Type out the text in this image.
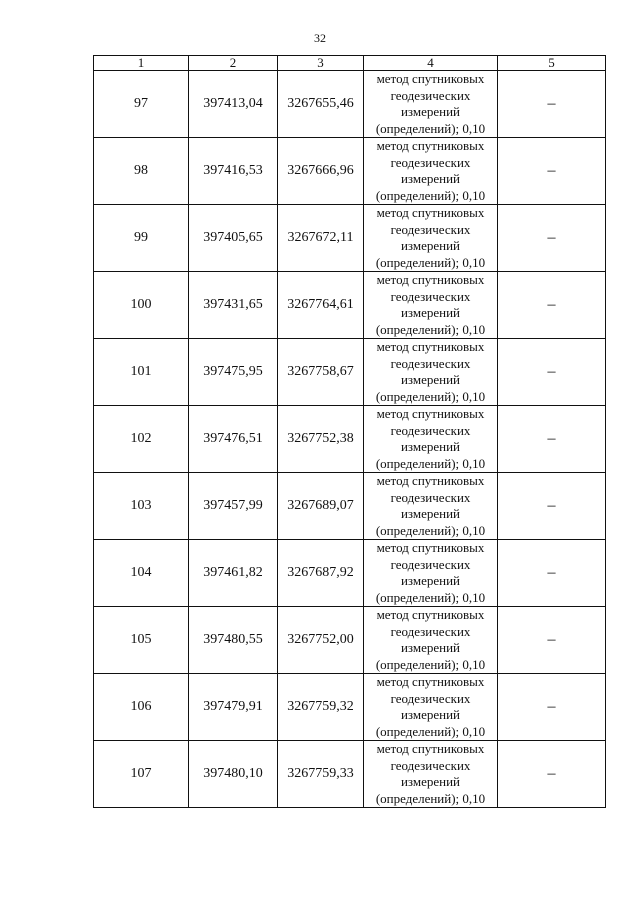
32
1	2	3	4	5
97	397413,04	3267655,46	метод спутниковых
геодезических
измерений
(определений); 0,10	–
98	397416,53	3267666,96	метод спутниковых
геодезических
измерений
(определений); 0,10	–
99	397405,65	3267672,11	метод спутниковых
геодезических
измерений
(определений); 0,10	–
100	397431,65	3267764,61	метод спутниковых
геодезических
измерений
(определений); 0,10	–
101	397475,95	3267758,67	метод спутниковых
геодезических
измерений
(определений); 0,10	–
102	397476,51	3267752,38	метод спутниковых
геодезических
измерений
(определений); 0,10	–
103	397457,99	3267689,07	метод спутниковых
геодезических
измерений
(определений); 0,10	–
104	397461,82	3267687,92	метод спутниковых
геодезических
измерений
(определений); 0,10	–
105	397480,55	3267752,00	метод спутниковых
геодезических
измерений
(определений); 0,10	–
106	397479,91	3267759,32	метод спутниковых
геодезических
измерений
(определений); 0,10	–
107	397480,10	3267759,33	метод спутниковых
геодезических
измерений
(определений); 0,10	–
